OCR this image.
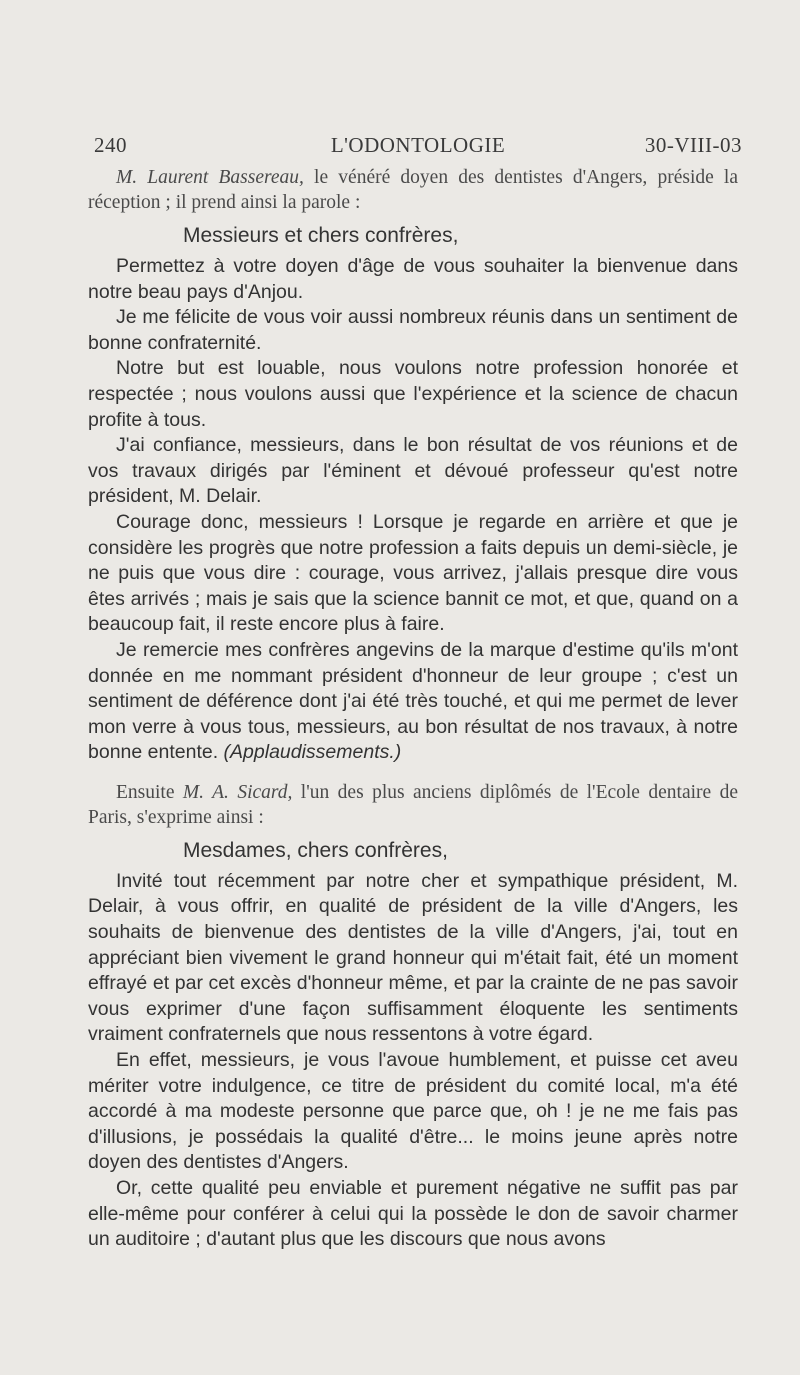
240	L'ODONTOLOGIE	30-VIII-03

M. Laurent Bassereau, le vénéré doyen des dentistes d'Angers, préside la réception ; il prend ainsi la parole :

Messieurs et chers confrères,

Permettez à votre doyen d'âge de vous souhaiter la bienvenue dans notre beau pays d'Anjou.

Je me félicite de vous voir aussi nombreux réunis dans un sentiment de bonne confraternité.

Notre but est louable, nous voulons notre profession honorée et respectée ; nous voulons aussi que l'expérience et la science de chacun profite à tous.

J'ai confiance, messieurs, dans le bon résultat de vos réunions et de vos travaux dirigés par l'éminent et dévoué professeur qu'est notre président, M. Delair.

Courage donc, messieurs ! Lorsque je regarde en arrière et que je considère les progrès que notre profession a faits depuis un demi-siècle, je ne puis que vous dire : courage, vous arrivez, j'allais presque dire vous êtes arrivés ; mais je sais que la science bannit ce mot, et que, quand on a beaucoup fait, il reste encore plus à faire.

Je remercie mes confrères angevins de la marque d'estime qu'ils m'ont donnée en me nommant président d'honneur de leur groupe ; c'est un sentiment de déférence dont j'ai été très touché, et qui me permet de lever mon verre à vous tous, messieurs, au bon résultat de nos travaux, à notre bonne entente. (Applaudissements.)

Ensuite M. A. Sicard, l'un des plus anciens diplômés de l'Ecole dentaire de Paris, s'exprime ainsi :

Mesdames, chers confrères,

Invité tout récemment par notre cher et sympathique président, M. Delair, à vous offrir, en qualité de président de la ville d'Angers, les souhaits de bienvenue des dentistes de la ville d'Angers, j'ai, tout en appréciant bien vivement le grand honneur qui m'était fait, été un moment effrayé et par cet excès d'honneur même, et par la crainte de ne pas savoir vous exprimer d'une façon suffisamment éloquente les sentiments vraiment confraternels que nous ressentons à votre égard.

En effet, messieurs, je vous l'avoue humblement, et puisse cet aveu mériter votre indulgence, ce titre de président du comité local, m'a été accordé à ma modeste personne que parce que, oh ! je ne me fais pas d'illusions, je possédais la qualité d'être... le moins jeune après notre doyen des dentistes d'Angers.

Or, cette qualité peu enviable et purement négative ne suffit pas par elle-même pour conférer à celui qui la possède le don de savoir charmer un auditoire ; d'autant plus que les discours que nous avons
